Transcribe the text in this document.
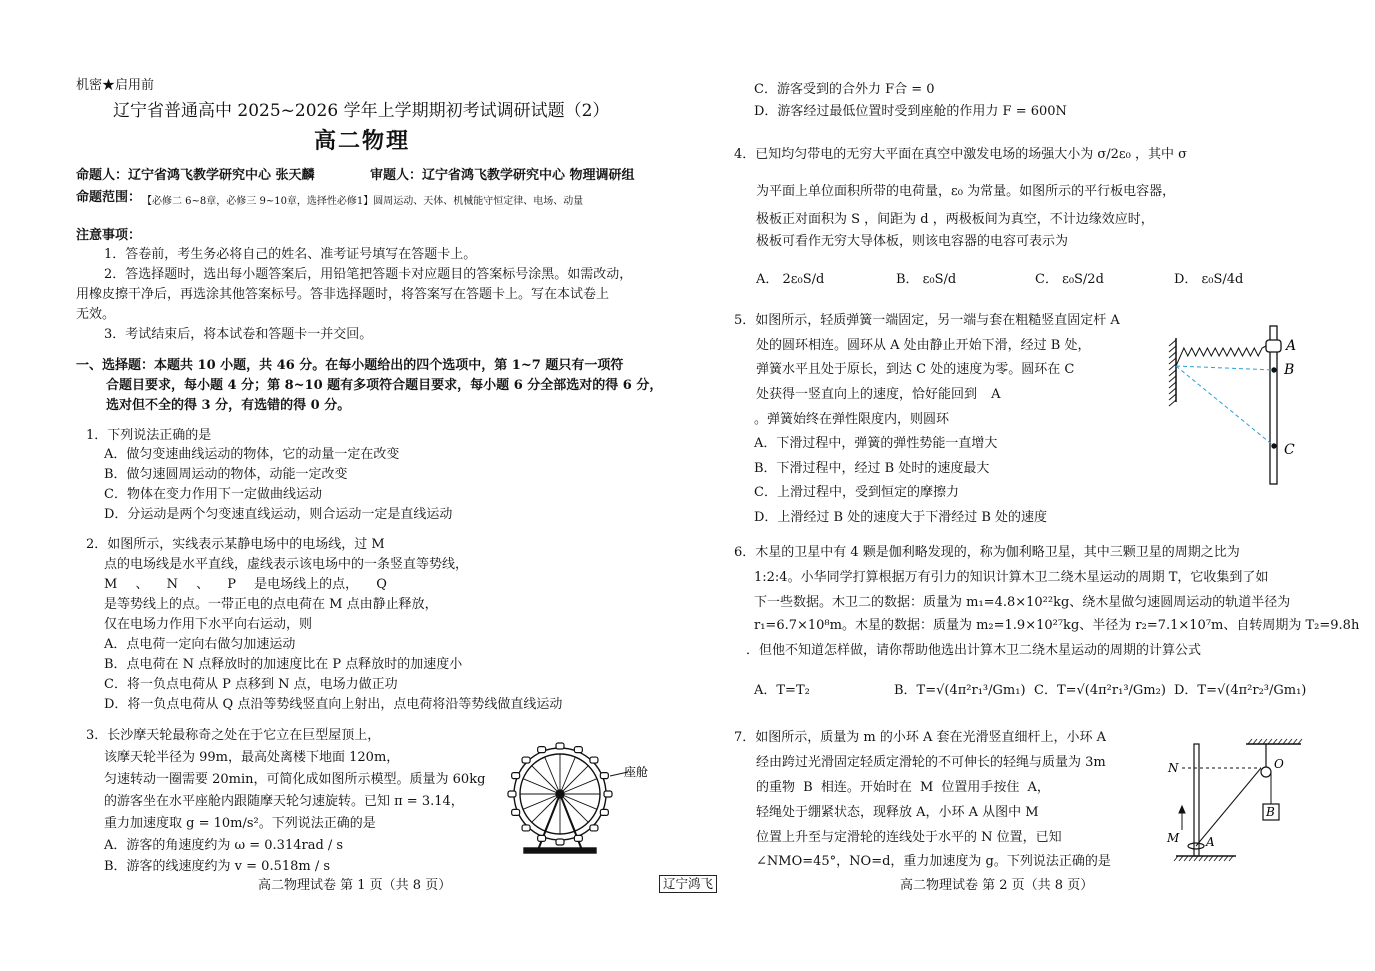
机密★启用前
辽宁省普通高中 2025~2026 学年上学期期初考试调研试题（2）
高二物理
命题人：辽宁省鸿飞教学研究中心 张天麟	审题人：辽宁省鸿飞教学研究中心 物理调研组
命题范围： 【必修二 6~8章，必修三 9~10章，选择性必修1】圆周运动、天体、机械能守恒定律、电场、动量
注意事项：
1．答卷前，考生务必将自己的姓名、准考证号填写在答题卡上。
2．答选择题时，选出每小题答案后，用铅笔把答题卡对应题目的答案标号涂黑。如需改动，
用橡皮擦干净后，再选涂其他答案标号。答非选择题时，将答案写在答题卡上。写在本试卷上
无效。
3．考试结束后，将本试卷和答题卡一并交回。
一、选择题：本题共 10 小题，共 46 分。在每小题给出的四个选项中，第 1~7 题只有一项符
合题目要求，每小题 4 分；第 8~10 题有多项符合题目要求，每小题 6 分全部选对的得 6 分，
选对但不全的得 3 分，有选错的得 0 分。
1．下列说法正确的是
A．做匀变速曲线运动的物体，它的动量一定在改变
B．做匀速圆周运动的物体，动能一定改变
C．物体在变力作用下一定做曲线运动
D．分运动是两个匀变速直线运动，则合运动一定是直线运动
2．如图所示，实线表示某静电场中的电场线，过 M
点的电场线是水平直线，虚线表示该电场中的一条竖直等势线，
M 、 N 、 P 是电场线上的点， Q
是等势线上的点。一带正电的点电荷在 M 点由静止释放，
仅在电场力作用下水平向右运动，则
A．点电荷一定向右做匀加速运动
B．点电荷在 N 点释放时的加速度比在 P 点释放时的加速度小
C．将一负点电荷从 P 点移到 N 点，电场力做正功
D．将一负点电荷从 Q 点沿等势线竖直向上射出，点电荷将沿等势线做直线运动
3．长沙摩天轮最称奇之处在于它立在巨型屋顶上，
该摩天轮半径为 99m，最高处离楼下地面 120m，
匀速转动一圈需要 20min，可简化成如图所示模型。质量为 60kg
的游客坐在水平座舱内跟随摩天轮匀速旋转。已知 π = 3.14，
重力加速度取 g = 10m/s²。下列说法正确的是
A．游客的角速度约为 ω = 0.314rad / s
B．游客的线速度约为 v = 0.518m / s
座舱
高二物理试卷 第 1 页（共 8 页）	辽宁鸿飞
C．游客受到的合外力 F合 = 0
D．游客经过最低位置时受到座舱的作用力 F = 600N
4．已知均匀带电的无穷大平面在真空中激发电场的场强大小为 σ/2ε₀ ，其中 σ
为平面上单位面积所带的电荷量，ε₀ 为常量。如图所示的平行板电容器，
极板正对面积为 S ，间距为 d ，两极板间为真空，不计边缘效应时，
极板可看作无穷大导体板，则该电容器的电容可表示为
A． 2ε₀S/d	B． ε₀S/d	C． ε₀S/2d	D． ε₀S/4d
5．如图所示，轻质弹簧一端固定，另一端与套在粗糙竖直固定杆 A
处的圆环相连。圆环从 A 处由静止开始下滑，经过 B 处，
弹簧水平且处于原长，到达 C 处的速度为零。圆环在 C
处获得一竖直向上的速度，恰好能回到 A
。弹簧始终在弹性限度内，则圆环
A．下滑过程中，弹簧的弹性势能一直增大
B．下滑过程中，经过 B 处时的速度最大
C．上滑过程中，受到恒定的摩擦力
D．上滑经过 B 处的速度大于下滑经过 B 处的速度
A
B
C
6．木星的卫星中有 4 颗是伽利略发现的，称为伽利略卫星，其中三颗卫星的周期之比为
1:2:4。小华同学打算根据万有引力的知识计算木卫二绕木星运动的周期 T，它收集到了如
下一些数据。木卫二的数据：质量为 m₁=4.8×10²²kg、绕木星做匀速圆周运动的轨道半径为
r₁=6.7×10⁸m。木星的数据：质量为 m₂=1.9×10²⁷kg、半径为 r₂=7.1×10⁷m、自转周期为 T₂=9.8h
．但他不知道怎样做，请你帮助他选出计算木卫二绕木星运动的周期的计算公式
A．T=T₂	B．T=√(4π²r₁³/Gm₁) C．T=√(4π²r₁³/Gm₂) D．T=√(4π²r₂³/Gm₁)
7．如图所示，质量为 m 的小环 A 套在光滑竖直细杆上，小环 A
经由跨过光滑固定轻质定滑轮的不可伸长的轻绳与质量为 3m
的重物 B 相连。开始时在 M 位置用手按住 A，
轻绳处于绷紧状态，现释放 A，小环 A 从图中 M
位置上升至与定滑轮的连线处于水平的 N 位置，已知
∠NMO=45°，NO=d，重力加速度为 g。下列说法正确的是
N	O
B
M A
高二物理试卷 第 2 页（共 8 页）
